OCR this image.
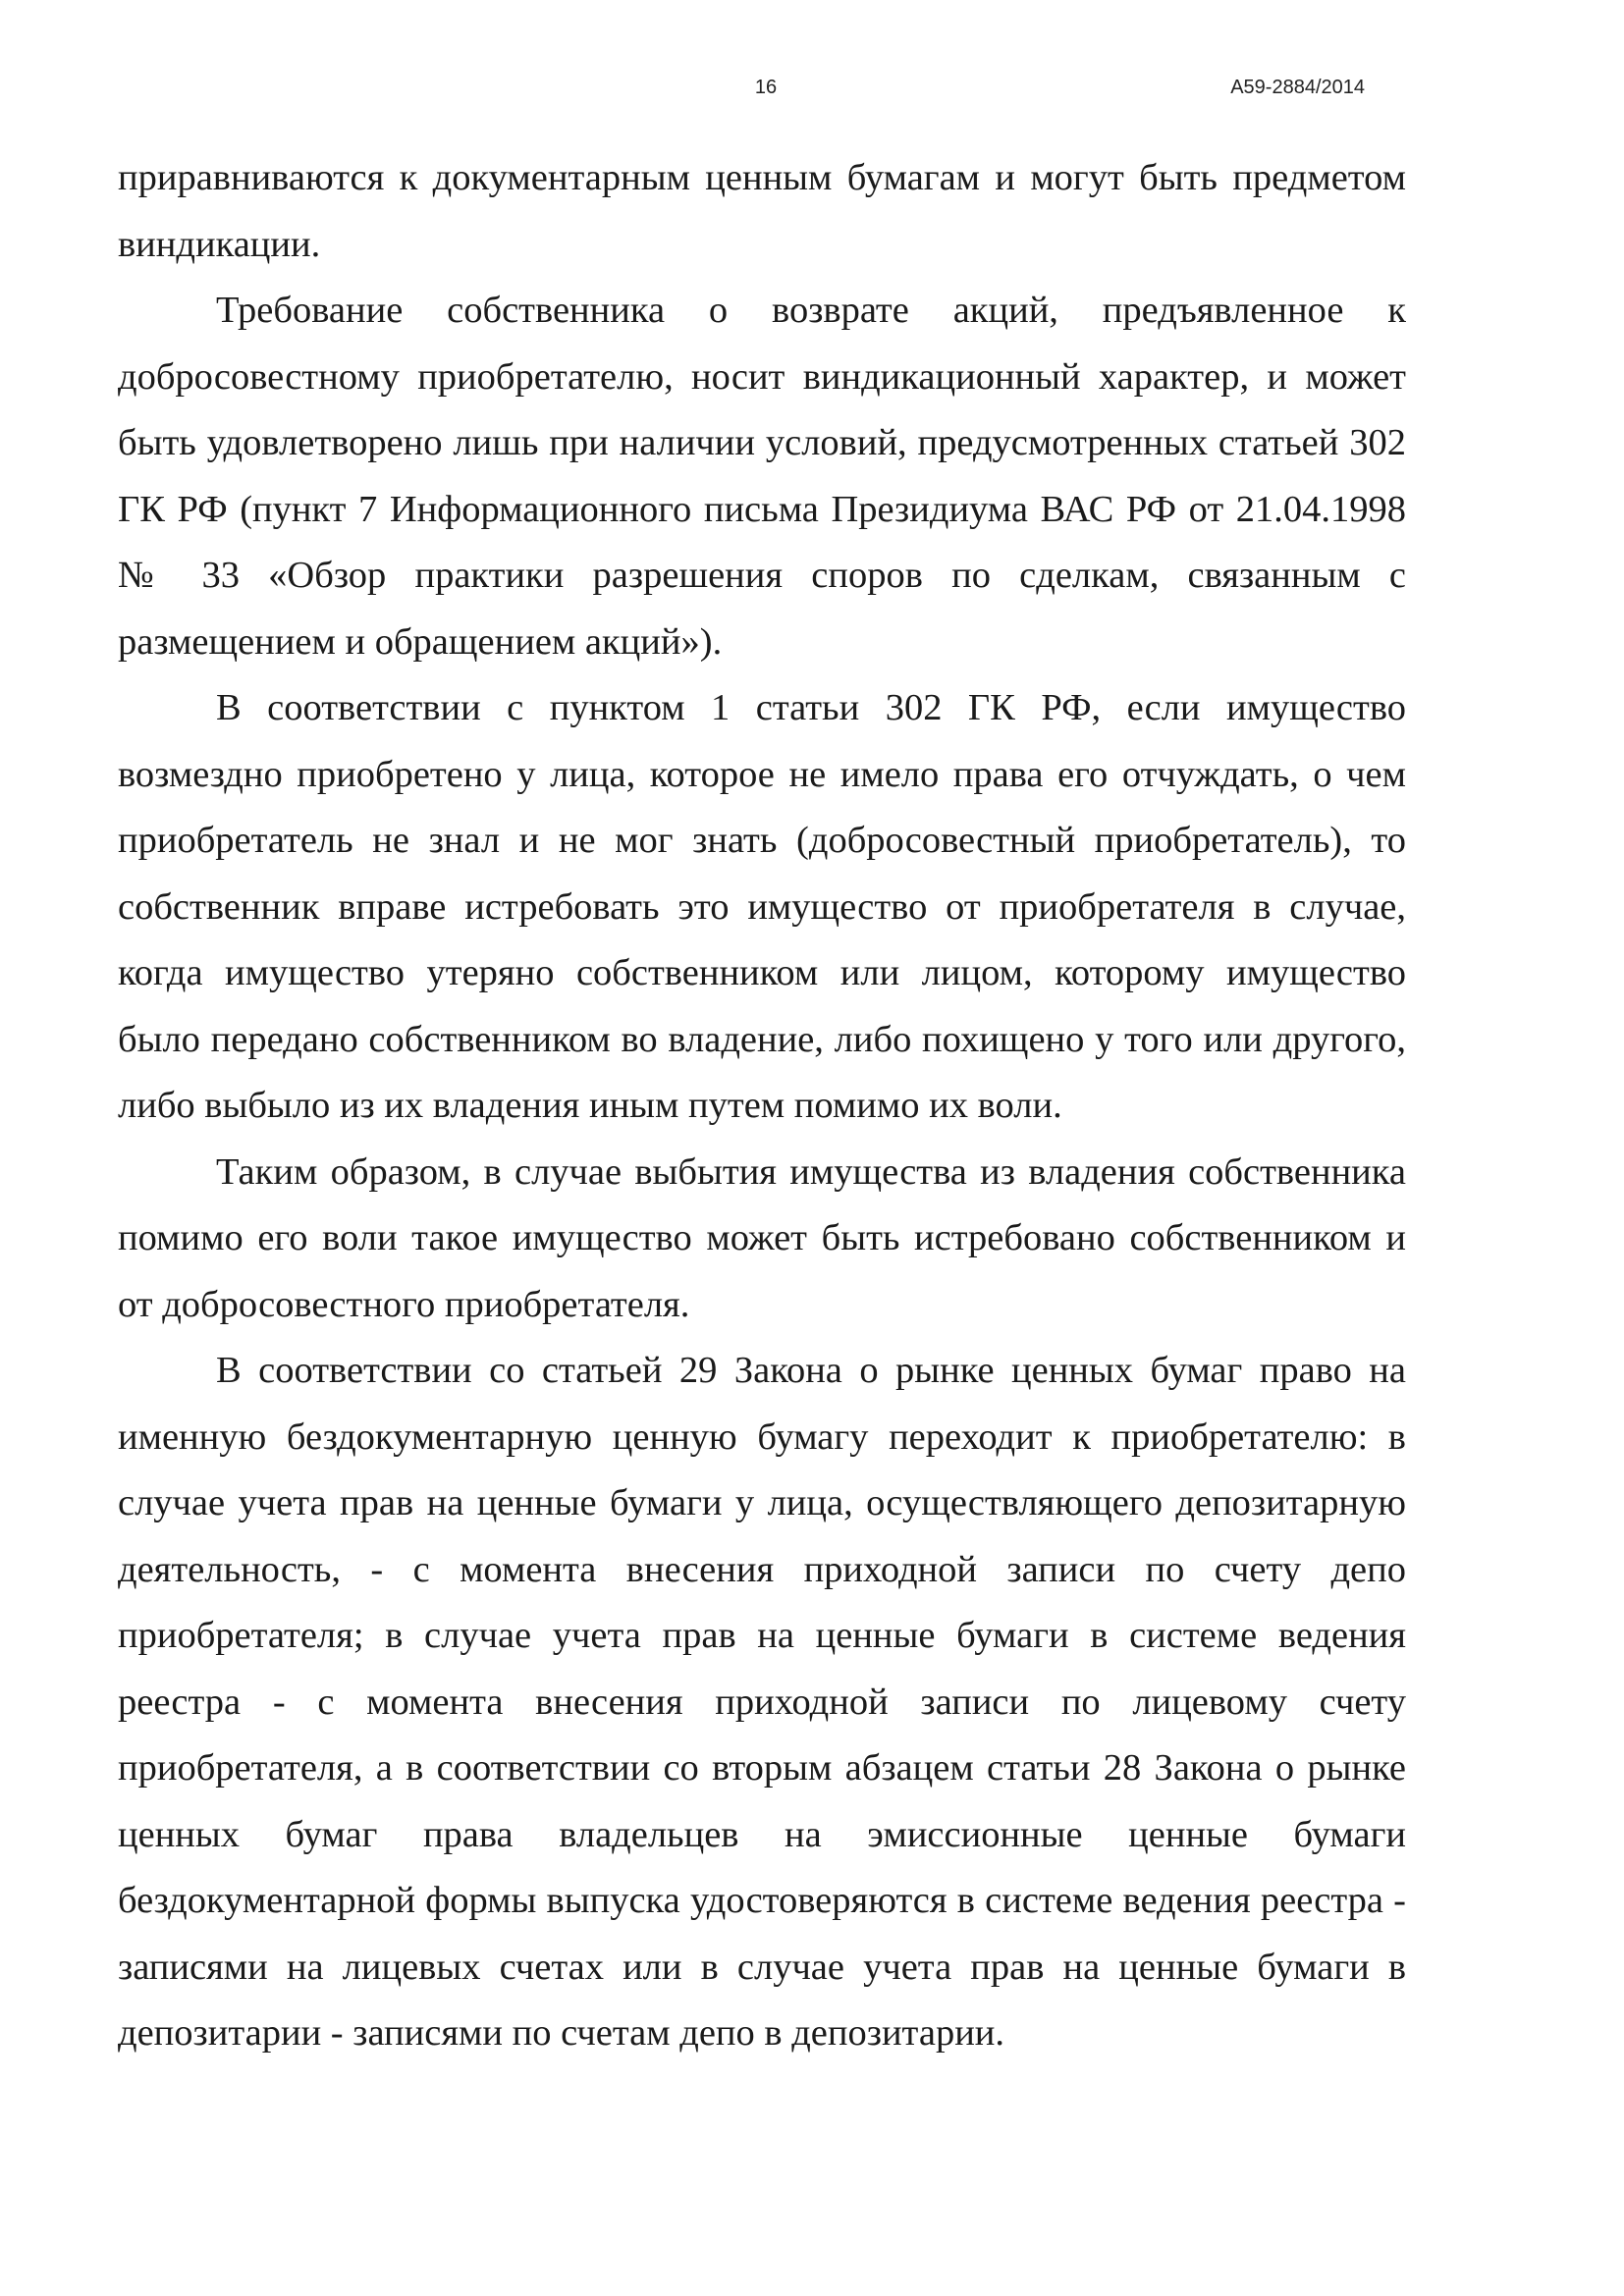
16	А59-2884/2014

приравниваются к документарным ценным бумагам и могут быть предметом виндикации.

Требование собственника о возврате акций, предъявленное к добросовестному приобретателю, носит виндикационный характер, и может быть удовлетворено лишь при наличии условий, предусмотренных статьей 302 ГК РФ (пункт 7 Информационного письма Президиума ВАС РФ от 21.04.1998 № 33 «Обзор практики разрешения споров по сделкам, связанным с размещением и обращением акций»).

В соответствии с пунктом 1 статьи 302 ГК РФ, если имущество возмездно приобретено у лица, которое не имело права его отчуждать, о чем приобретатель не знал и не мог знать (добросовестный приобретатель), то собственник вправе истребовать это имущество от приобретателя в случае, когда имущество утеряно собственником или лицом, которому имущество было передано собственником во владение, либо похищено у того или другого, либо выбыло из их владения иным путем помимо их воли.

Таким образом, в случае выбытия имущества из владения собственника помимо его воли такое имущество может быть истребовано собственником и от добросовестного приобретателя.

В соответствии со статьей 29 Закона о рынке ценных бумаг право на именную бездокументарную ценную бумагу переходит к приобретателю: в случае учета прав на ценные бумаги у лица, осуществляющего депозитарную деятельность, - с момента внесения приходной записи по счету депо приобретателя; в случае учета прав на ценные бумаги в системе ведения реестра - с момента внесения приходной записи по лицевому счету приобретателя, а в соответствии со вторым абзацем статьи 28 Закона о рынке ценных бумаг права владельцев на эмиссионные ценные бумаги бездокументарной формы выпуска удостоверяются в системе ведения реестра - записями на лицевых счетах или в случае учета прав на ценные бумаги в депозитарии - записями по счетам депо в депозитарии.
